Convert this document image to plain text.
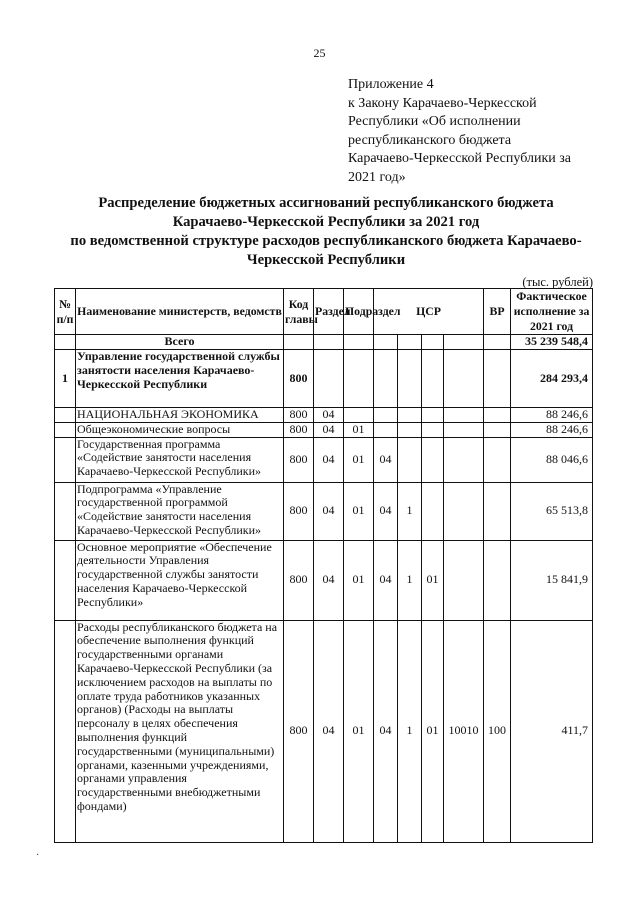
25
Приложение 4
к Закону Карачаево-Черкесской
Республики «Об исполнении
республиканского бюджета
Карачаево-Черкесской Республики за
2021 год»
Распределение бюджетных ассигнований республиканского бюджета
Карачаево-Черкесской Республики за 2021 год
по ведомственной структуре расходов республиканского бюджета Карачаево-
Черкесской Республики
(тыс. рублей)
№ п/п	Наименование министерств, ведомств	Код главы	Раздел	Подраздел	ЦСР				ВР	Фактическое исполнение за 2021 год
	Всего									35 239 548,4
1	Управление государственной службы занятости населения Карачаево-Черкесской Республики	800								284 293,4
	НАЦИОНАЛЬНАЯ ЭКОНОМИКА	800	04							88 246,6
	Общеэкономические вопросы	800	04	01						88 246,6
	Государственная программа «Содействие занятости населения Карачаево-Черкесской Республики»	800	04	01	04					88 046,6
	Подпрограмма «Управление государственной программой «Содействие занятости населения Карачаево-Черкесской Республики»	800	04	01	04	1				65 513,8
	Основное мероприятие «Обеспечение деятельности Управления государственной службы занятости населения Карачаево-Черкесской Республики»	800	04	01	04	1	01			15 841,9
	Расходы республиканского бюджета на обеспечение выполнения функций государственными органами Карачаево-Черкесской Республики (за исключением расходов на выплаты по оплате труда работников указанных органов) (Расходы на выплаты персоналу в целях обеспечения выполнения функций государственными (муниципальными) органами, казенными учреждениями, органами управления государственными внебюджетными фондами)	800	04	01	04	1	01	10010	100	411,7
·
